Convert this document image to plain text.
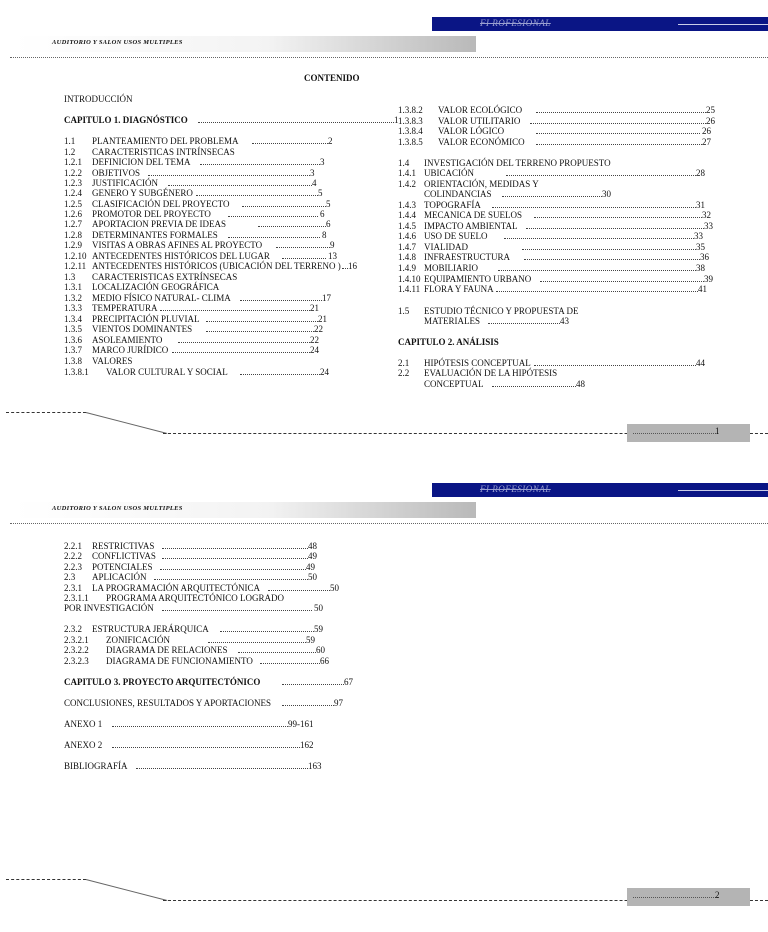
FI ROFESIONAL
AUDITORIO Y SALON USOS MULTIPLES
CONTENIDO
INTRODUCCIÓN
CAPITULO 1. DIAGNÓSTICO	1
1.1 PLANTEAMIENTO DEL PROBLEMA	2
1.2 CARACTERISTICAS INTRÍNSECAS
1.2.1 DEFINICION DEL TEMA	3
1.2.2 OBJETIVOS	3
1.2.3 JUSTIFICACIÓN	4
1.2.4 GENERO Y SUBGÉNERO	5
1.2.5 CLASIFICACIÓN DEL PROYECTO	5
1.2.6 PROMOTOR DEL PROYECTO	6
1.2.7 APORTACION PREVIA DE IDEAS	6
1.2.8 DETERMINANTES FORMALES	8
1.2.9 VISITAS A OBRAS AFINES AL PROYECTO	9
1.2.10 ANTECEDENTES HISTÓRICOS DEL LUGAR	13
1.2.11 ANTECEDENTES HISTÓRICOS (UBICACIÓN DEL TERRENO ) 16
1.3 CARACTERISTICAS EXTRÍNSECAS
1.3.1 LOCALIZACIÓN GEOGRÁFICA
1.3.2 MEDIO FÍSICO NATURAL- CLIMA	17
1.3.3 TEMPERATURA	21
1.3.4 PRECIPITACIÓN PLUVIAL	21
1.3.5 VIENTOS DOMINANTES	22
1.3.6 ASOLEAMIENTO	22
1.3.7 MARCO JURÍDICO	24
1.3.8 VALORES
1.3.8.1 VALOR CULTURAL Y SOCIAL	24
1.3.8.2 VALOR ECOLÓGICO	25
1.3.8.3 VALOR UTILITARIO	26
1.3.8.4 VALOR LÓGICO	26
1.3.8.5 VALOR ECONÓMICO	27
1.4 INVESTIGACIÓN DEL TERRENO PROPUESTO
1.4.1 UBICACIÓN	28
1.4.2 ORIENTACIÓN, MEDIDAS Y
COLINDANCIAS	30
1.4.3 TOPOGRAFÍA	31
1.4.4 MECANICA DE SUELOS	32
1.4.5 IMPACTO AMBIENTAL	33
1.4.6 USO DE SUELO	33
1.4.7 VIALIDAD	35
1.4.8 INFRAESTRUCTURA	36
1.4.9 MOBILIARIO	38
1.4.10 EQUIPAMIENTO URBANO	39
1.4.11 FLORA Y FAUNA	41
1.5 ESTUDIO TÉCNICO Y PROPUESTA DE
MATERIALES	43
CAPITULO 2. ANÁLISIS
2.1 HIPÓTESIS CONCEPTUAL	44
2.2 EVALUACIÓN DE LA HIPÓTESIS
CONCEPTUAL	48
1
FI ROFESIONAL
AUDITORIO Y SALON USOS MULTIPLES
2.2.1 RESTRICTIVAS	48
2.2.2 CONFLICTIVAS	49
2.2.3 POTENCIALES	49
2.3 APLICACIÓN	50
2.3.1 LA PROGRAMACIÓN ARQUITECTÓNICA	50
2.3.1.1 PROGRAMA ARQUITECTÓNICO LOGRADO
POR INVESTIGACIÓN	50
2.3.2 ESTRUCTURA JERÁRQUICA	59
2.3.2.1 ZONIFICACIÓN	59
2.3.2.2 DIAGRAMA DE RELACIONES	60
2.3.2.3 DIAGRAMA DE FUNCIONAMIENTO	66
CAPITULO 3. PROYECTO ARQUITECTÓNICO	67
CONCLUSIONES, RESULTADOS Y APORTACIONES	97
ANEXO 1	99-161
ANEXO 2	162
BIBLIOGRAFÍA	163
2
